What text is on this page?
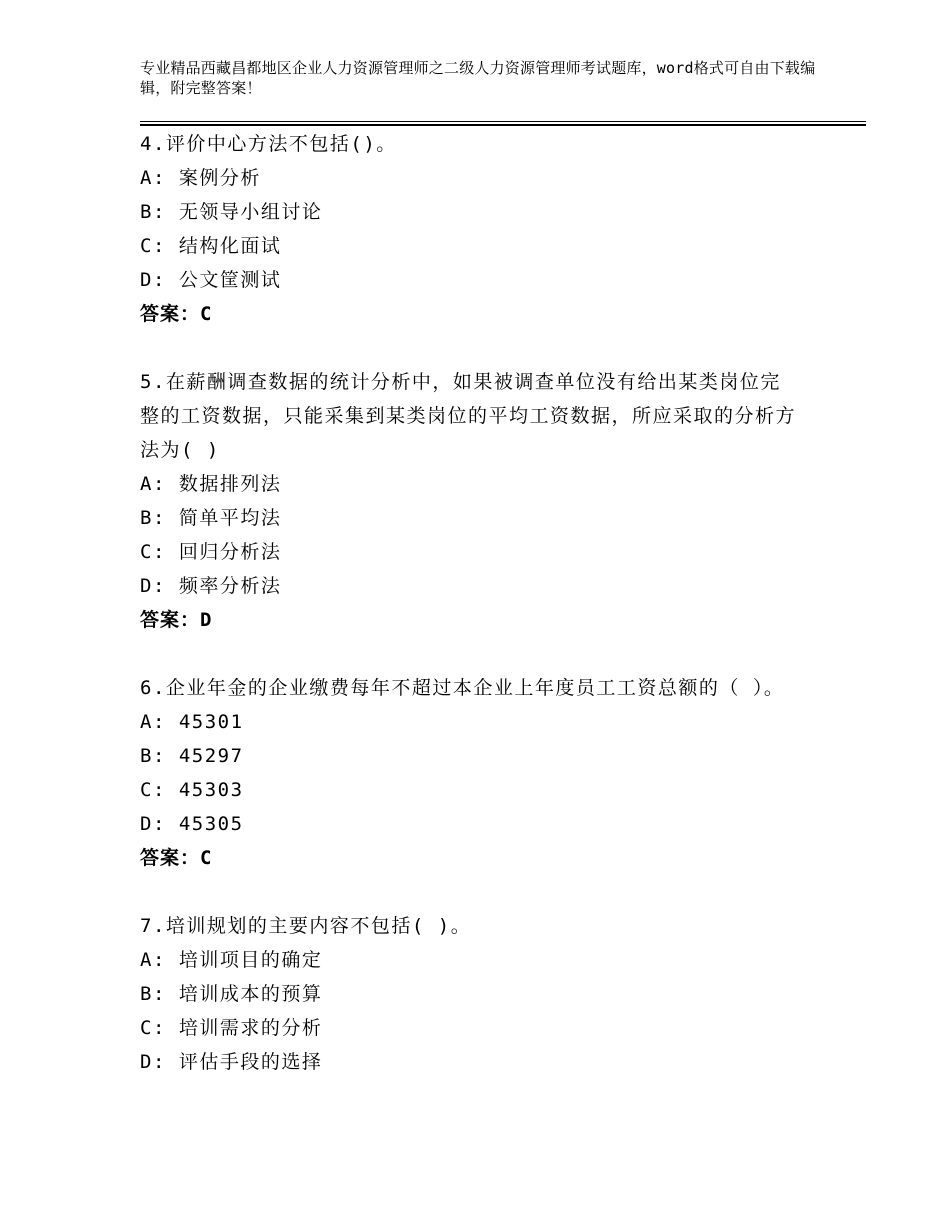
专业精品西藏昌都地区企业人力资源管理师之二级人力资源管理师考试题库，word格式可自由下载编辑，附完整答案！
4.评价中心方法不包括()。
A: 案例分析
B: 无领导小组讨论
C: 结构化面试
D: 公文筐测试
答案：C
5.在薪酬调查数据的统计分析中，如果被调查单位没有给出某类岗位完整的工资数据，只能采集到某类岗位的平均工资数据，所应采取的分析方法为( )
A: 数据排列法
B: 简单平均法
C: 回归分析法
D: 频率分析法
答案：D
6.企业年金的企业缴费每年不超过本企业上年度员工工资总额的（ ）。
A: 45301
B: 45297
C: 45303
D: 45305
答案：C
7.培训规划的主要内容不包括( )。
A: 培训项目的确定
B: 培训成本的预算
C: 培训需求的分析
D: 评估手段的选择
